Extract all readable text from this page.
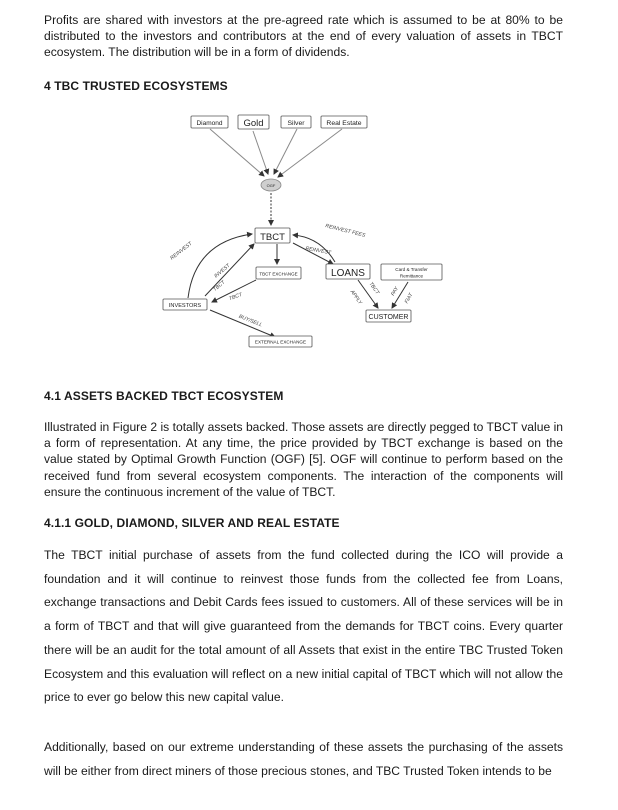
Profits are shared with investors at the pre-agreed rate which is assumed to be at 80% to be distributed to the investors and contributors at the end of every valuation of assets in TBCT ecosystem. The distribution will be in a form of dividends.

4 TBC TRUSTED ECOSYSTEMS

Diamond Gold	Silver	Real Estate
OGF
TBCT	REINVEST FEES
REINVEST
REINVEST
INVEST
TBCT
TBCT EXCHANGE
TBCT
INVESTORS
BUY/SELL
EXTERNAL EXCHANGE
LOANS	Card & Transfer
Remittance
APPLY
TBCT PAY
FIAT
CUSTOMER

4.1 ASSETS BACKED TBCT ECOSYSTEM

Illustrated in Figure 2 is totally assets backed. Those assets are directly pegged to TBCT value in a form of representation. At any time, the price provided by TBCT exchange is based on the value stated by Optimal Growth Function (OGF) [5]. OGF will continue to perform based on the received fund from several ecosystem components. The interaction of the components will ensure the continuous increment of the value of TBCT.

4.1.1 GOLD, DIAMOND, SILVER AND REAL ESTATE

The TBCT initial purchase of assets from the fund collected during the ICO will provide a foundation and it will continue to reinvest those funds from the collected fee from Loans, exchange transactions and Debit Cards fees issued to customers. All of these services will be in a form of TBCT and that will give guaranteed from the demands for TBCT coins. Every quarter there will be an audit for the total amount of all Assets that exist in the entire TBC Trusted Token Ecosystem and this evaluation will reflect on a new initial capital of TBCT which will not allow the price to ever go below this new capital value.

Additionally, based on our extreme understanding of these assets the purchasing of the assets will be either from direct miners of those precious stones, and TBC Trusted Token intends to be
